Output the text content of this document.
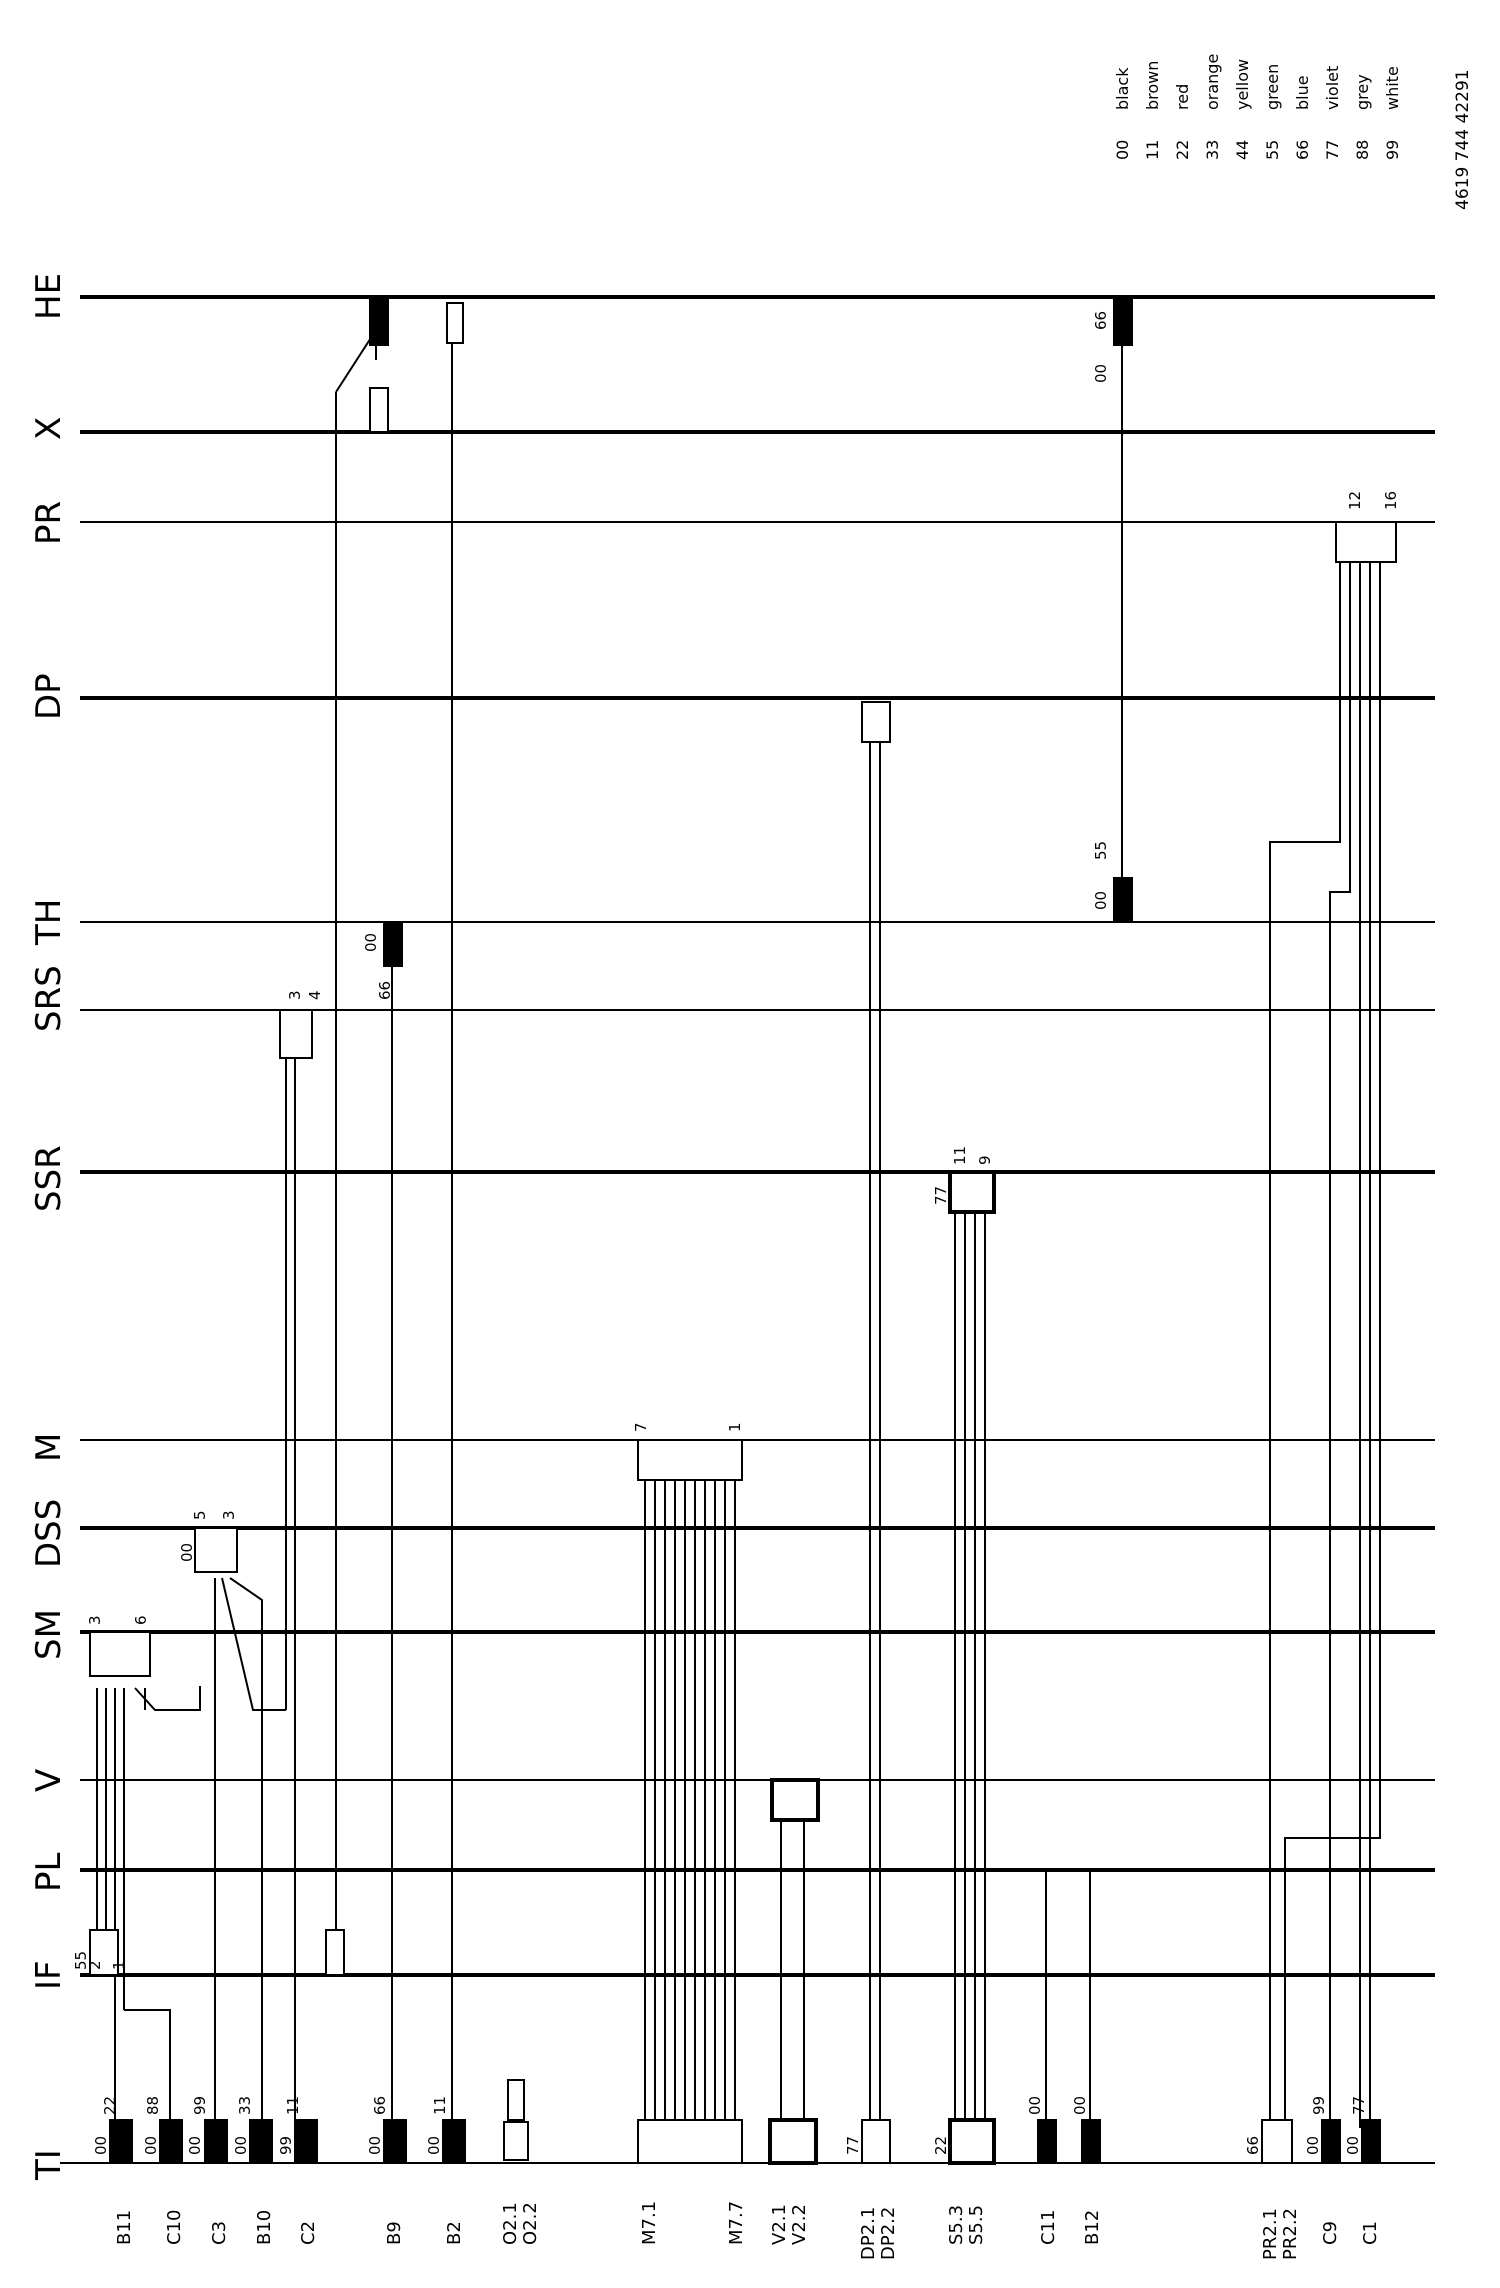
00 11 22 33 44 55 66 77 88 99
black brown red orange yellow green blue violet grey white	4619 744 42291
HE
X
PR
DP
TH
SRS
SSR
M
DSS
SM
V
PL
IF
TI
00
22
00
88
00
99
00
33
99
11
00
66
00
11
77	22
00 00
66	00
99
00
77
55
77
11 9
00
66
00
55
00
12 16
3 4
2 1
3 6
5 3
7	1
00
66
B11 C10 C3 B10 C2	B9 B2 O2.1 O2.2	M7.1	M7.7 V2.1 V2.2	DP2.1 DP2.2	S5.3 S5.5	C11 B12	PR2.1 PR2.2 C9 C1
